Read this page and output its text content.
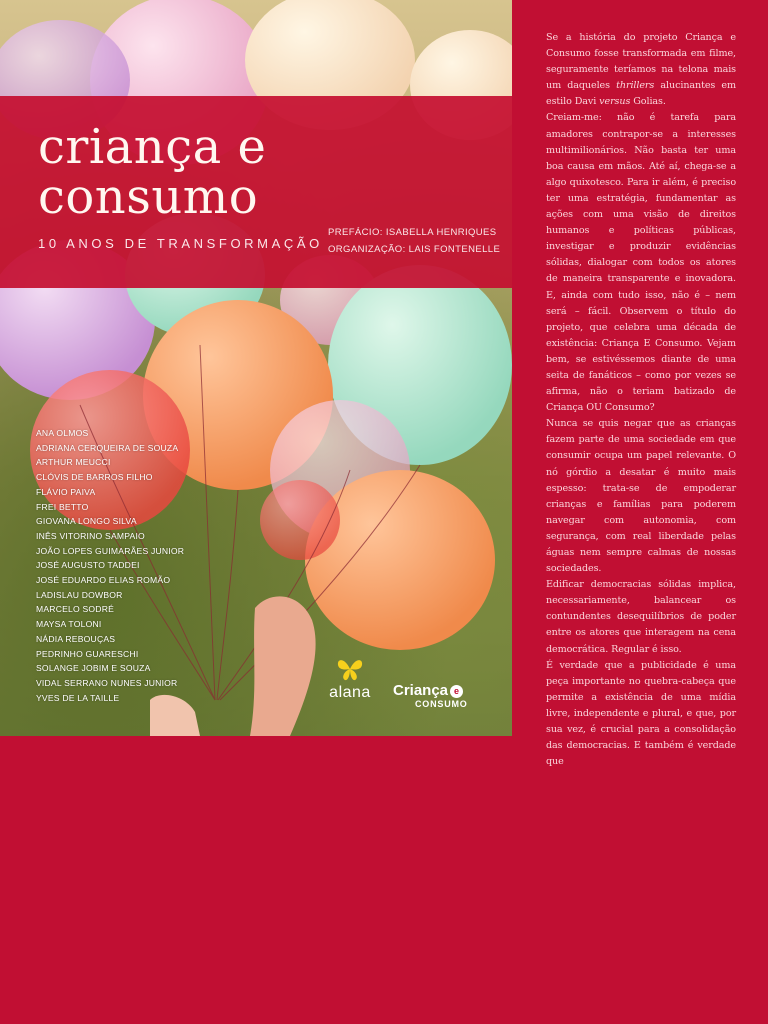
criança e
consumo
10 ANOS DE TRANSFORMAÇÃO
PREFÁCIO: ISABELLA HENRIQUES
ORGANIZAÇÃO: LAIS FONTENELLE
ANA OLMOS
ADRIANA CERQUEIRA DE SOUZA
ARTHUR MEUCCI
CLÓVIS DE BARROS FILHO
FLÁVIO PAIVA
FREI BETTO
GIOVANA LONGO SILVA
INÊS VITORINO SAMPAIO
JOÃO LOPES GUIMARÃES JUNIOR
JOSÉ AUGUSTO TADDEI
JOSÉ EDUARDO ELIAS ROMÃO
LADISLAU DOWBOR
MARCELO SODRÉ
MAYSA TOLONI
NÁDIA REBOUÇAS
PEDRINHO GUARESCHI
SOLANGE JOBIM E SOUZA
VIDAL SERRANO NUNES JUNIOR
YVES DE LA TAILLE	alana	Criança e
CONSUMO

Se a história do projeto Criança e Consumo fosse transformada em filme, seguramente teríamos na telona mais um daqueles thrillers alucinantes em estilo Davi versus Golias.

Creiam-me: não é tarefa para amadores contrapor-se a interesses multimilionários. Não basta ter uma boa causa em mãos. Até aí, chega-se a algo quixotesco. Para ir além, é preciso ter uma estratégia, fundamentar as ações com uma visão de direitos humanos e políticas públicas, investigar e produzir evidências sólidas, dialogar com todos os atores de maneira transparente e inovadora. E, ainda com tudo isso, não é – nem será – fácil. Observem o título do projeto, que celebra uma década de existência: Criança E Consumo. Vejam bem, se estivéssemos diante de uma seita de fanáticos – como por vezes se afirma, não o teriam batizado de Criança OU Consumo?

Nunca se quis negar que as crianças fazem parte de uma sociedade em que consumir ocupa um papel relevante. O nó górdio a desatar é muito mais espesso: trata-se de empoderar crianças e famílias para poderem navegar com autonomia, com segurança, com real liberdade pelas águas nem sempre calmas de nossas sociedades.

Edificar democracias sólidas implica, necessariamente, balancear os contundentes desequilíbrios de poder entre os atores que interagem na cena democrática. Regular é isso.

É verdade que a publicidade é uma peça importante no quebra-cabeça que permite a existência de uma mídia livre, independente e plural, e que, por sua vez, é crucial para a consolidação das democracias. E também é verdade que
